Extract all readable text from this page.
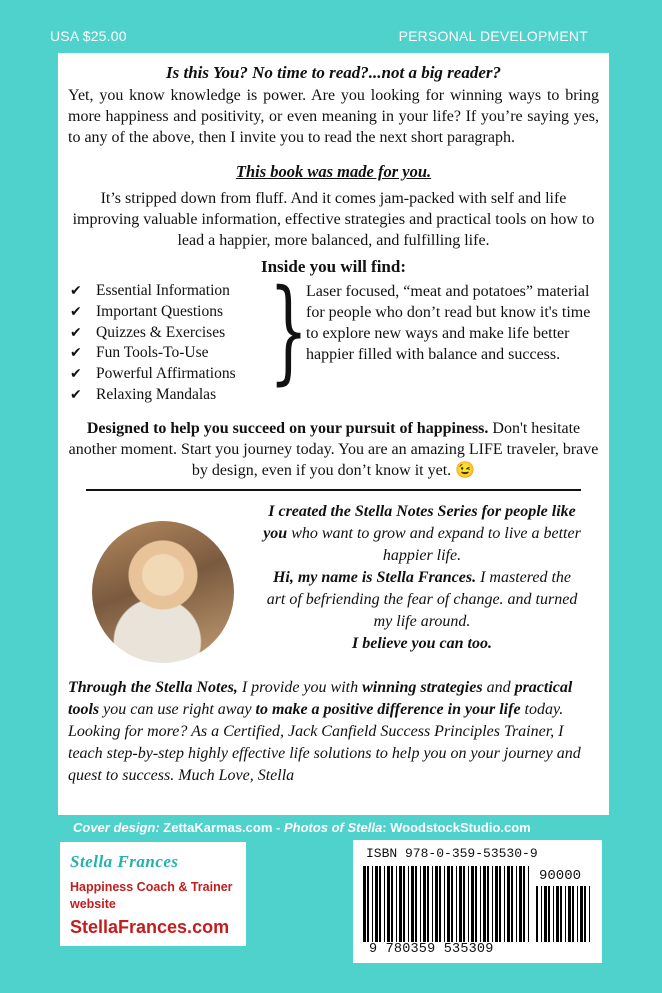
USA $25.00	PERSONAL DEVELOPMENT

Is this You? No time to read?...not a big reader?

Yet, you know knowledge is power. Are you looking for winning ways to bring more happiness and positivity, or even meaning in your life? If you’re saying yes, to any of the above, then I invite you to read the next short paragraph.

This book was made for you.

It’s stripped down from fluff. And it comes jam-packed with self and life improving valuable information, effective strategies and practical tools on how to lead a happier, more balanced, and fulfilling life.

Inside you will find:

✔ Essential Information
✔ Important Questions
✔ Quizzes & Exercises
✔ Fun Tools-To-Use
✔ Powerful Affirmations
✔ Relaxing Mandalas }

Laser focused, “meat and potatoes” material for people who don’t read but know it's time to explore new ways and make life better happier filled with balance and success.

Designed to help you succeed on your pursuit of happiness. Don't hesitate another moment. Start you journey today. You are an amazing LIFE traveler, brave by design, even if you don’t know it yet. 😉

I created the Stella Notes Series for people like you who want to grow and expand to live a better happier life.
Hi, my name is Stella Frances. I mastered the art of befriending the fear of change. and turned my life around.
I believe you can too.

Through the Stella Notes, I provide you with winning strategies and practical tools you can use right away to make a positive difference in your life today. Looking for more? As a Certified, Jack Canfield Success Principles Trainer, I teach step-by-step highly effective life solutions to help you on your journey and quest to success. Much Love, Stella

Cover design: ZettaKarmas.com - Photos of Stella: WoodstockStudio.com
Stella Frances
Happiness Coach & Trainer
website
StellaFrances.com
ISBN 978-0-359-53530-9
90000
9 780359 535309
